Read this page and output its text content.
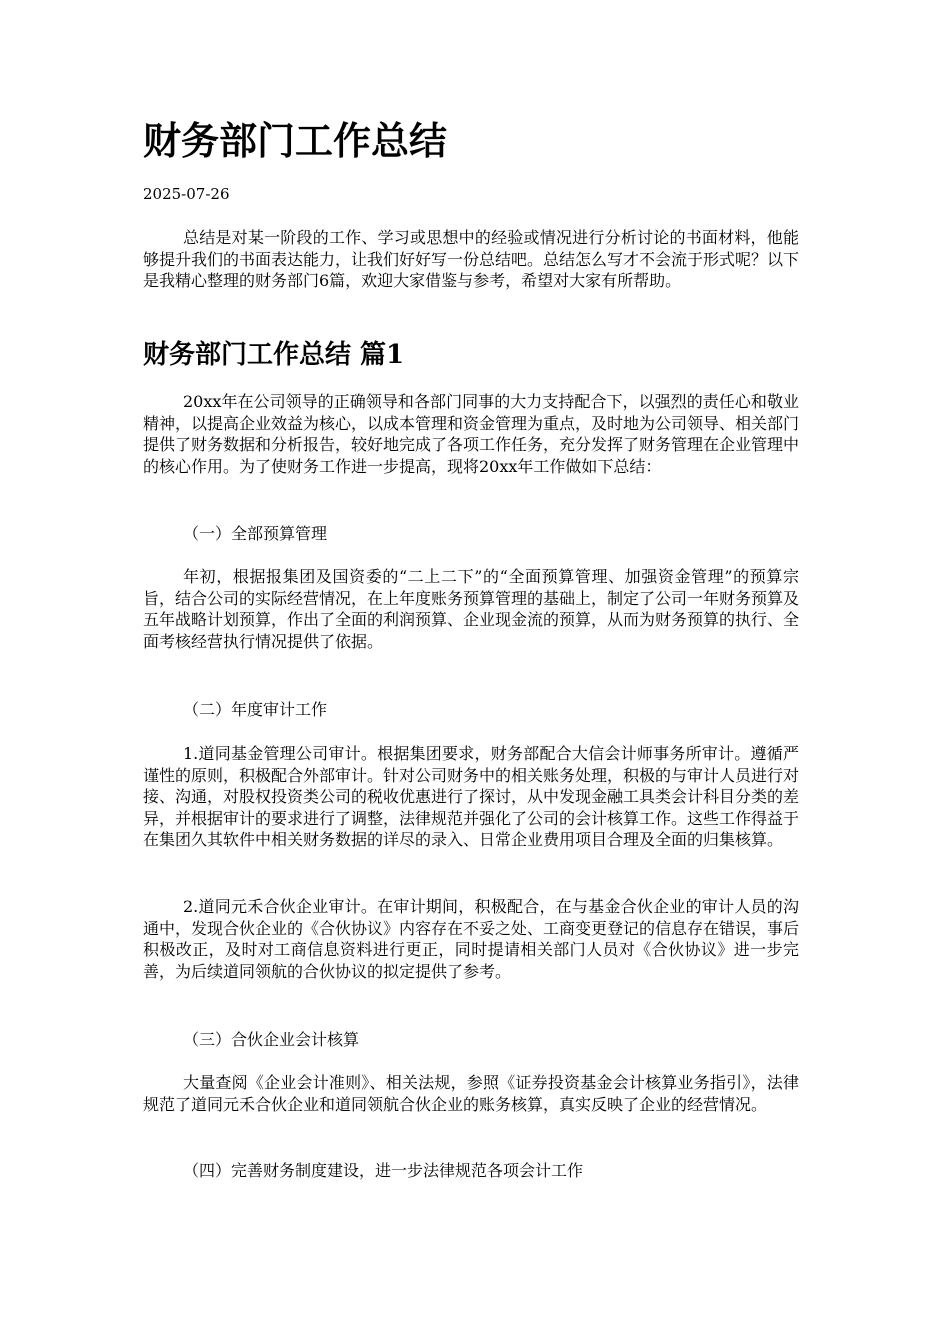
财务部门工作总结

2025-07-26

总结是对某一阶段的工作、学习或思想中的经验或情况进行分析讨论的书面材料，他能够提升我们的书面表达能力，让我们好好写一份总结吧。总结怎么写才不会流于形式呢？以下是我精心整理的财务部门6篇，欢迎大家借鉴与参考，希望对大家有所帮助。

财务部门工作总结 篇1

20xx年在公司领导的正确领导和各部门同事的大力支持配合下，以强烈的责任心和敬业精神，以提高企业效益为核心，以成本管理和资金管理为重点，及时地为公司领导、相关部门提供了财务数据和分析报告，较好地完成了各项工作任务，充分发挥了财务管理在企业管理中的核心作用。为了使财务工作进一步提高，现将20xx年工作做如下总结：

（一）全部预算管理

年初，根据报集团及国资委的“二上二下”的“全面预算管理、加强资金管理”的预算宗旨，结合公司的实际经营情况，在上年度账务预算管理的基础上，制定了公司一年财务预算及五年战略计划预算，作出了全面的利润预算、企业现金流的预算，从而为财务预算的执行、全面考核经营执行情况提供了依据。

（二）年度审计工作

1.道同基金管理公司审计。根据集团要求，财务部配合大信会计师事务所审计。遵循严谨性的原则，积极配合外部审计。针对公司财务中的相关账务处理，积极的与审计人员进行对接、沟通，对股权投资类公司的税收优惠进行了探讨，从中发现金融工具类会计科目分类的差异，并根据审计的要求进行了调整，法律规范并强化了公司的会计核算工作。这些工作得益于在集团久其软件中相关财务数据的详尽的录入、日常企业费用项目合理及全面的归集核算。

2.道同元禾合伙企业审计。在审计期间，积极配合，在与基金合伙企业的审计人员的沟通中，发现合伙企业的《合伙协议》内容存在不妥之处、工商变更登记的信息存在错误，事后积极改正，及时对工商信息资料进行更正，同时提请相关部门人员对《合伙协议》进一步完善，为后续道同领航的合伙协议的拟定提供了参考。

（三）合伙企业会计核算

大量查阅《企业会计准则》、相关法规，参照《证券投资基金会计核算业务指引》，法律规范了道同元禾合伙企业和道同领航合伙企业的账务核算，真实反映了企业的经营情况。

（四）完善财务制度建设，进一步法律规范各项会计工作
